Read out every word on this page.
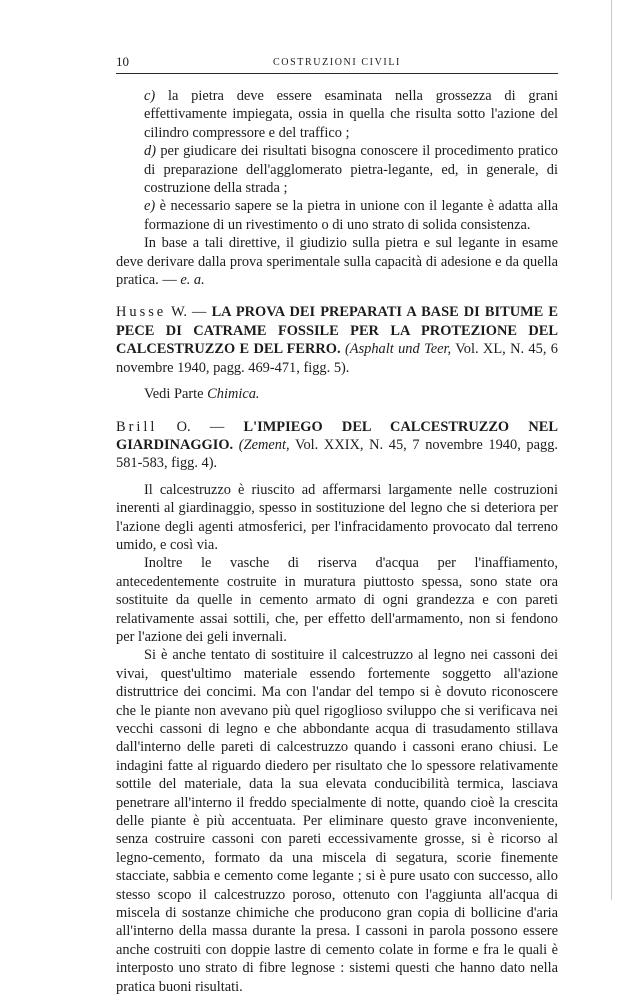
10	COSTRUZIONI CIVILI

c) la pietra deve essere esaminata nella grossezza di grani effettivamente impiegata, ossia in quella che risulta sotto l'azione del cilindro compressore e del traffico ;

d) per giudicare dei risultati bisogna conoscere il procedimento pratico di preparazione dell'agglomerato pietra-legante, ed, in generale, di costruzione della strada ;

e) è necessario sapere se la pietra in unione con il legante è adatta alla formazione di un rivestimento o di uno strato di solida consistenza.

In base a tali direttive, il giudizio sulla pietra e sul legante in esame deve derivare dalla prova sperimentale sulla capacità di adesione e da quella pratica. — e. a.

Husse W. — LA PROVA DEI PREPARATI A BASE DI BITUME E PECE DI CATRAME FOSSILE PER LA PROTEZIONE DEL CALCESTRUZZO E DEL FERRO. (Asphalt und Teer, Vol. XL, N. 45, 6 novembre 1940, pagg. 469-471, figg. 5).

Vedi Parte Chimica.

Brill O. — L'IMPIEGO DEL CALCESTRUZZO NEL GIARDINAGGIO. (Zement, Vol. XXIX, N. 45, 7 novembre 1940, pagg. 581-583, figg. 4).

Il calcestruzzo è riuscito ad affermarsi largamente nelle costruzioni inerenti al giardinaggio, spesso in sostituzione del legno che si deteriora per l'azione degli agenti atmosferici, per l'infracidamento provocato dal terreno umido, e così via.

Inoltre le vasche di riserva d'acqua per l'inaffiamento, antecedentemente costruite in muratura piuttosto spessa, sono state ora sostituite da quelle in cemento armato di ogni grandezza e con pareti relativamente assai sottili, che, per effetto dell'armamento, non si fendono per l'azione dei geli invernali.

Si è anche tentato di sostituire il calcestruzzo al legno nei cassoni dei vivai, quest'ultimo materiale essendo fortemente soggetto all'azione distruttrice dei concimi. Ma con l'andar del tempo si è dovuto riconoscere che le piante non avevano più quel rigoglioso sviluppo che si verificava nei vecchi cassoni di legno e che abbondante acqua di trasudamento stillava dall'interno delle pareti di calcestruzzo quando i cassoni erano chiusi. Le indagini fatte al riguardo diedero per risultato che lo spessore relativamente sottile del materiale, data la sua elevata conducibilità termica, lasciava penetrare all'interno il freddo specialmente di notte, quando cioè la crescita delle piante è più accentuata. Per eliminare questo grave inconveniente, senza costruire cassoni con pareti eccessivamente grosse, si è ricorso al legno-cemento, formato da una miscela di segatura, scorie finemente stacciate, sabbia e cemento come legante ; si è pure usato con successo, allo stesso scopo il calcestruzzo poroso, ottenuto con l'aggiunta all'acqua di miscela di sostanze chimiche che producono gran copia di bollicine d'aria all'interno della massa durante la presa. I cassoni in parola possono essere anche costruiti con doppie lastre di cemento colate in forme e fra le quali è interposto uno strato di fibre legnose : sistemi questi che hanno dato nella pratica buoni risultati.
